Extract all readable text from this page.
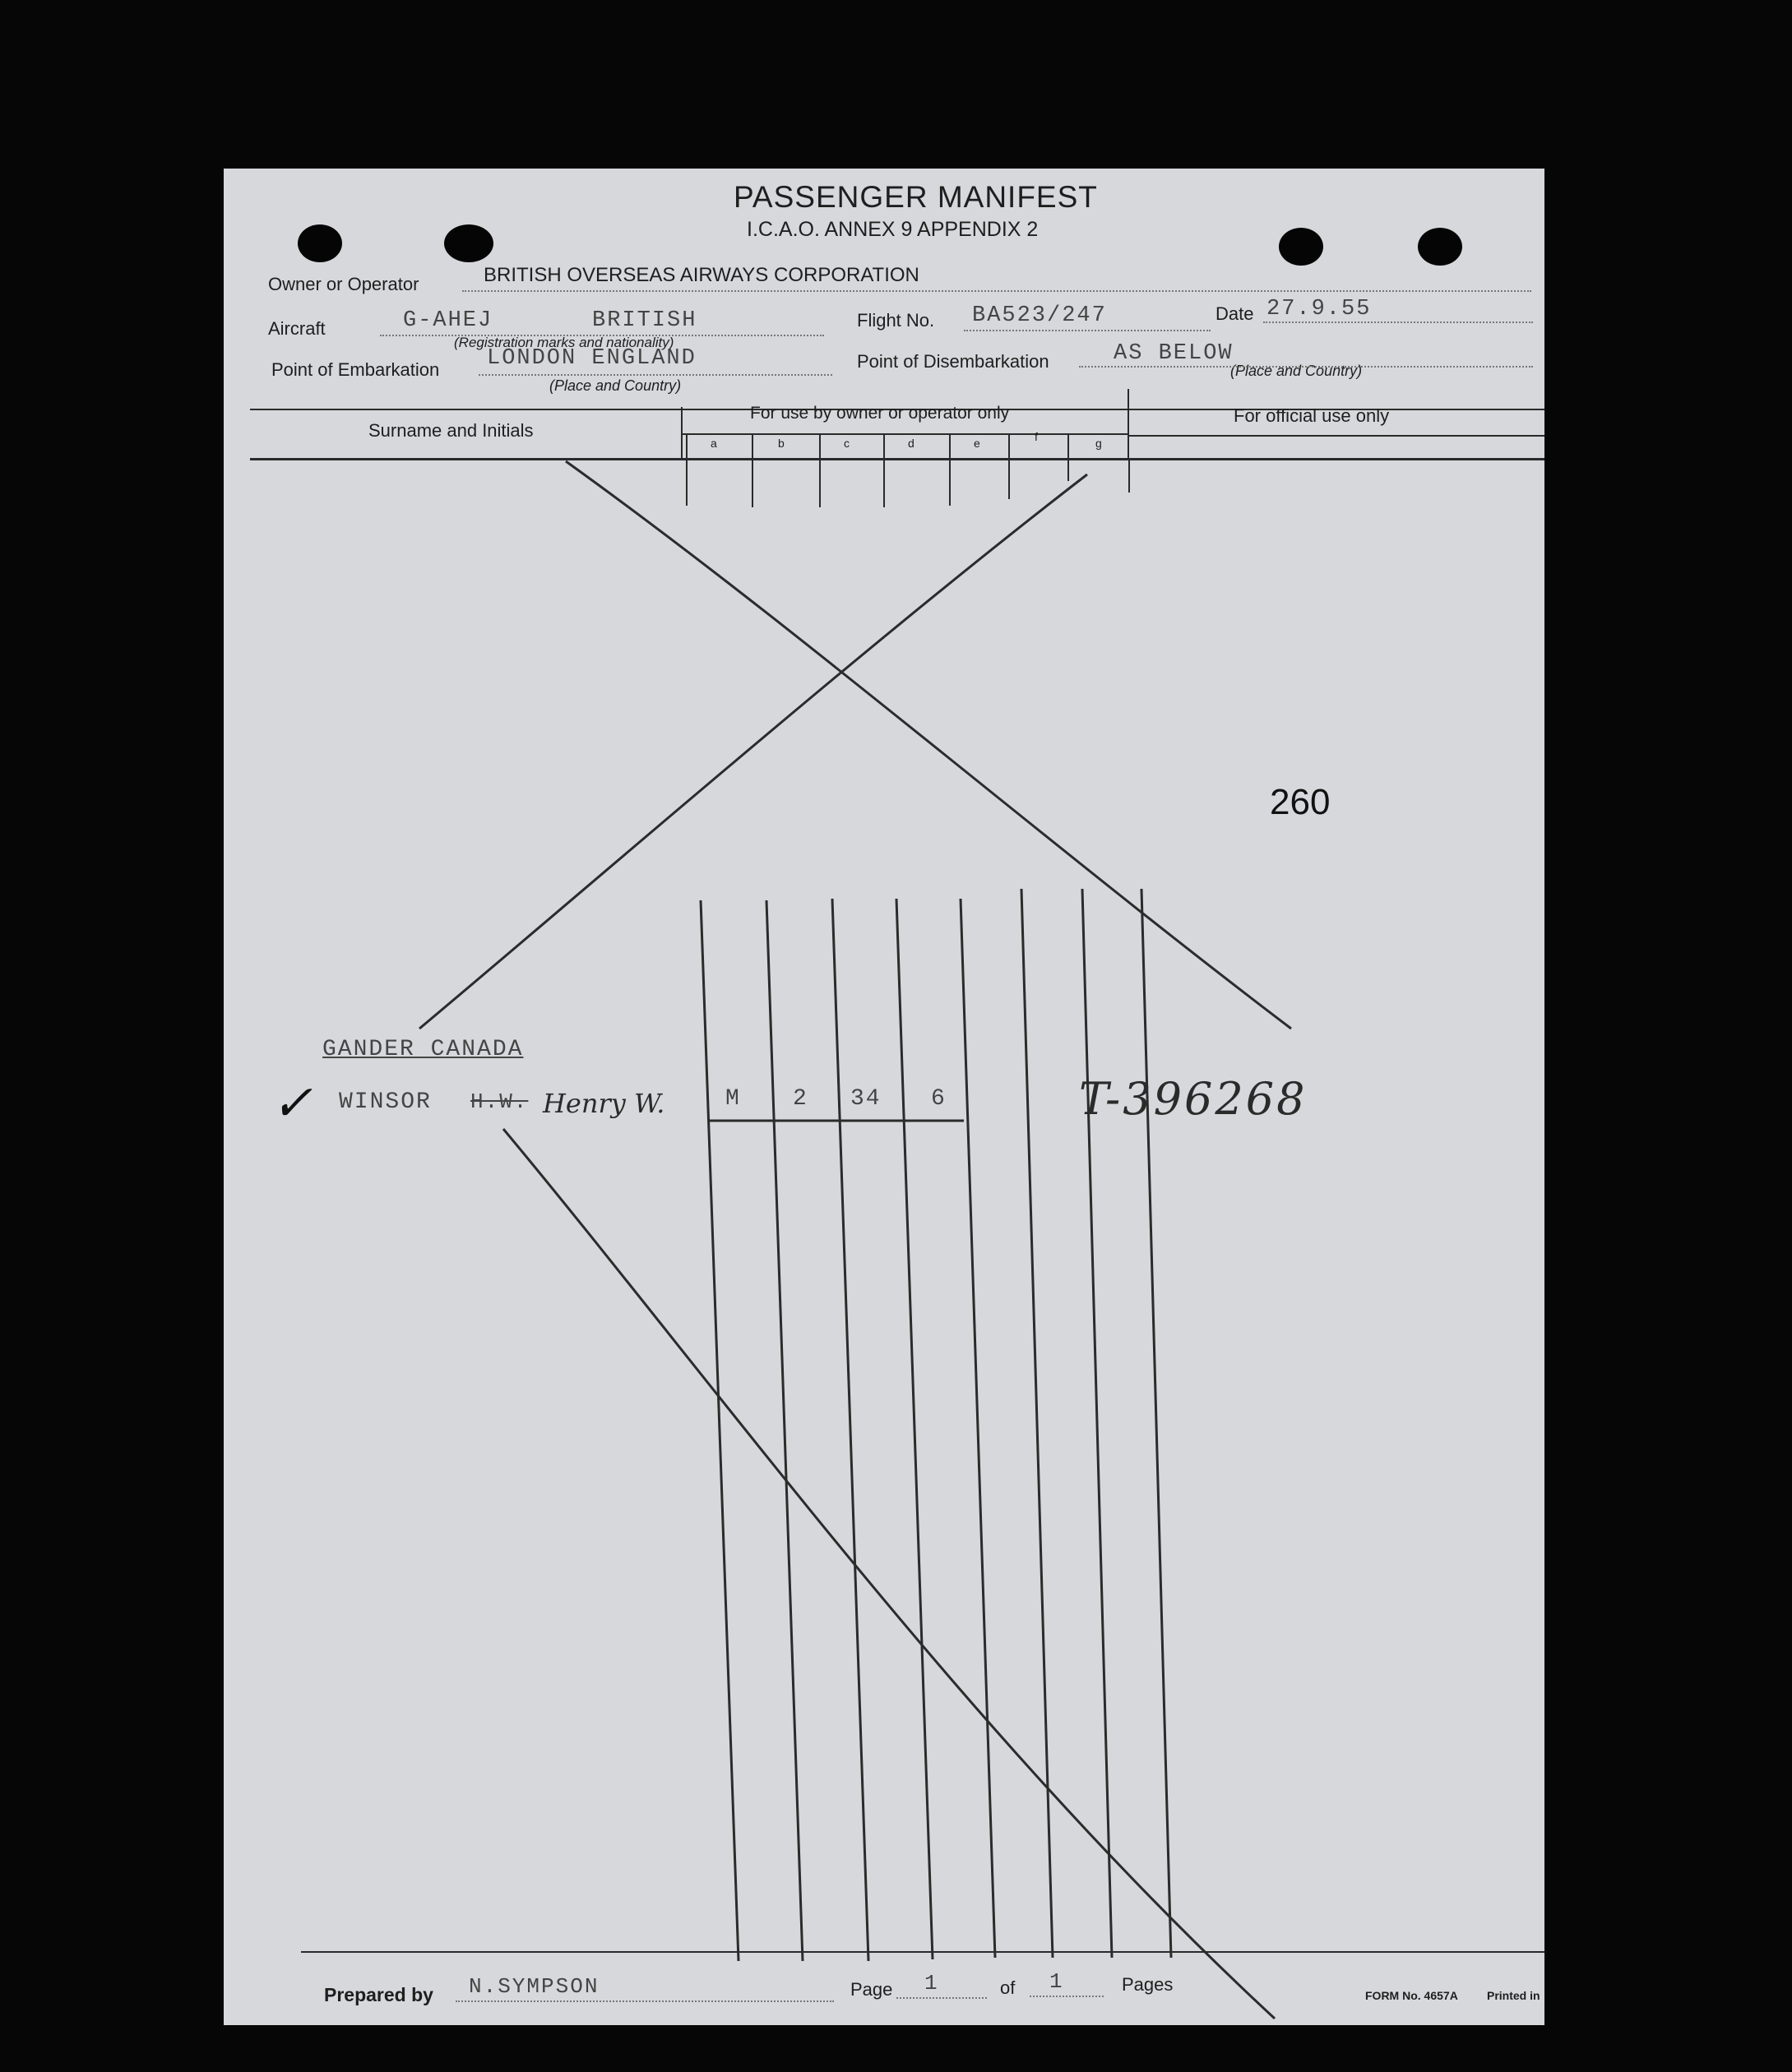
PASSENGER MANIFEST
I.C.A.O. ANNEX 9 APPENDIX 2
Owner or Operator	BRITISH OVERSEAS AIRWAYS CORPORATION
Aircraft	G-AHEJ	BRITISH
(Registration marks and nationality)
Flight No. BA523/247	Date 27.9.55
Point of Embarkation LONDON ENGLAND
(Place and Country)
Point of Disembarkation	AS BELOW
(Place and Country)
Surname and Initials
For use by owner or operator only	For official use only
a	b	c	d	e	f	g
260
GANDER CANADA
✓ WINSOR H.W. Henry W.	M 2 34 6	T-396268
Prepared by N.SYMPSON	Page 1	of 1	Pages
FORM No. 4657A	Printed in
